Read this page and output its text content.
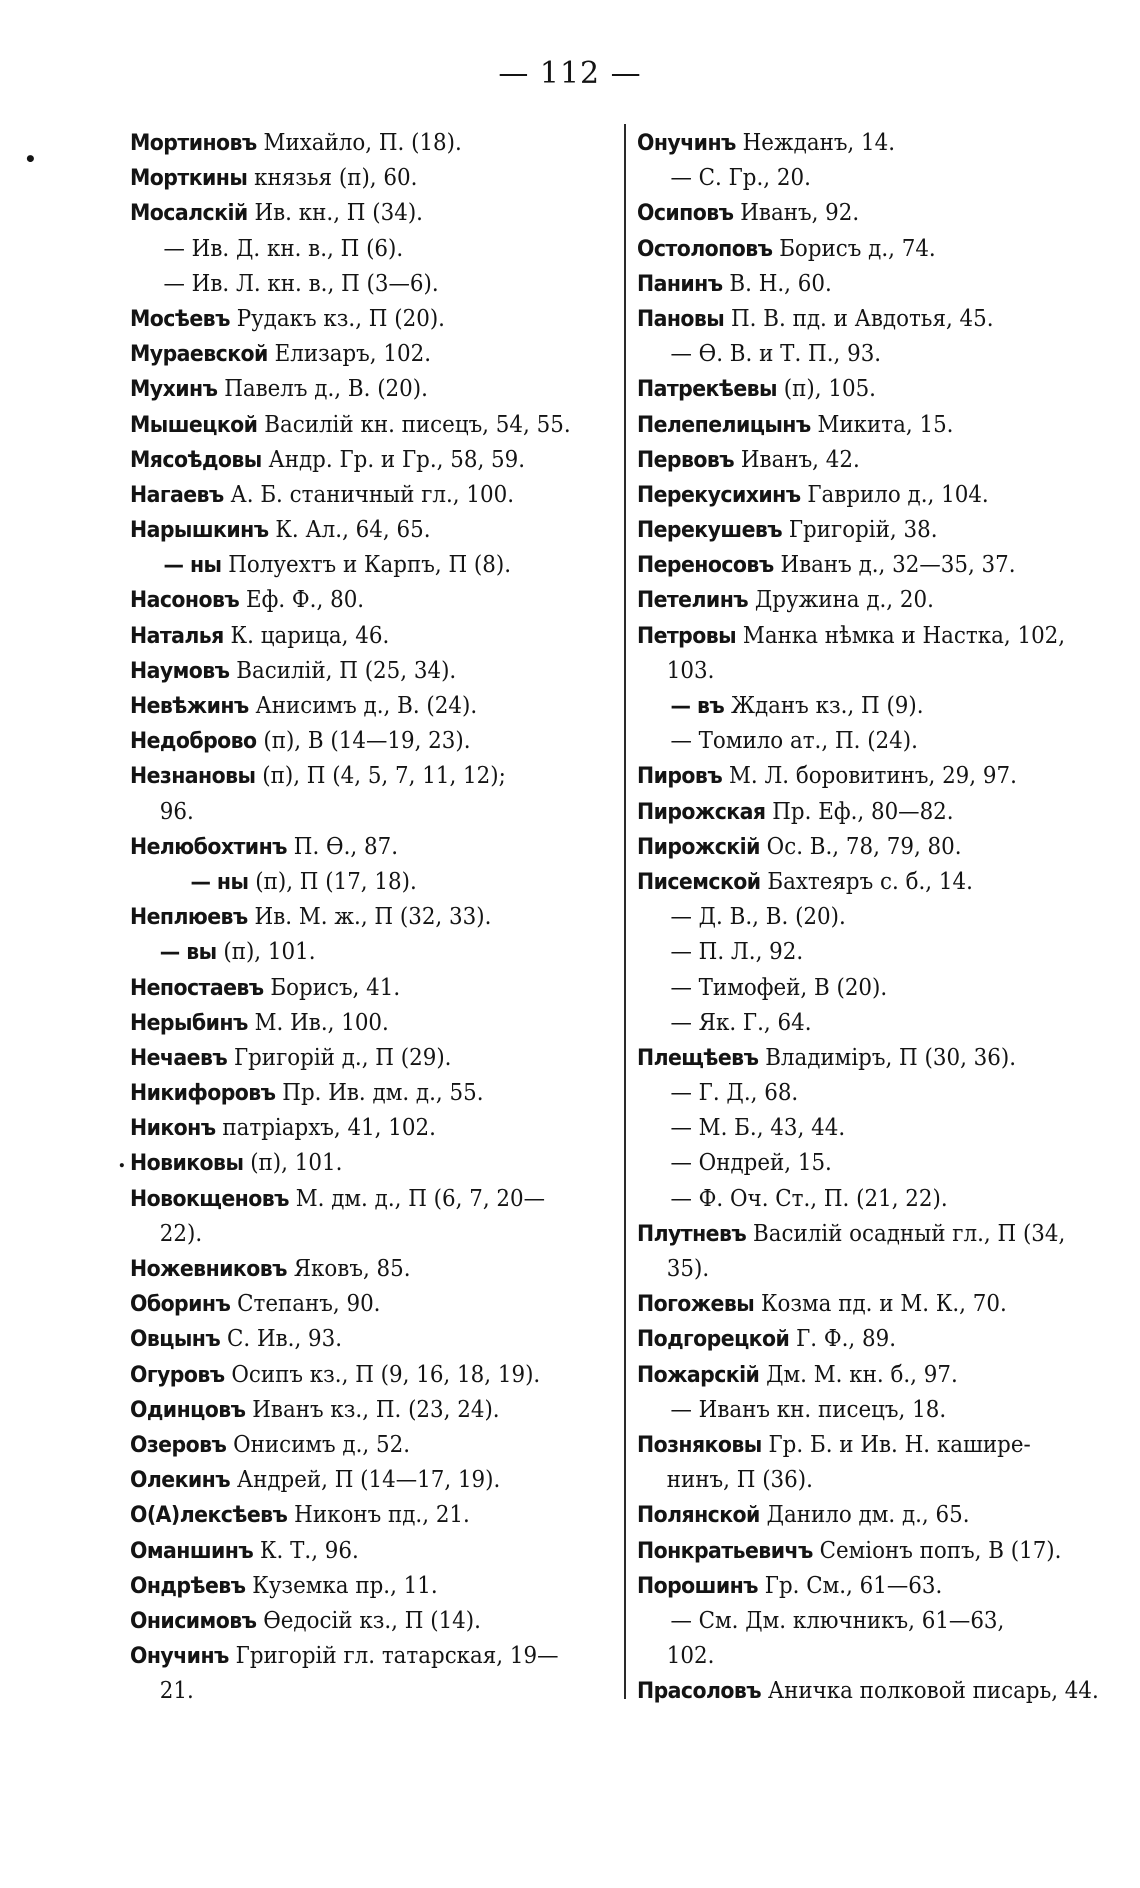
— 112 —
•
.
Мортиновъ Михайло, П. (18).
Морткины князья (п), 60.
Мосалскій Ив. кн., П (34).
— Ив. Д. кн. в., П (6).
— Ив. Л. кн. в., П (3—6).
Мосѣевъ Рудакъ кз., П (20).
Мураевской Елизаръ, 102.
Мухинъ Павелъ д., В. (20).
Мышецкой Василій кн. писецъ, 54, 55.
Мясоѣдовы Андр. Гр. и Гр., 58, 59.
Нагаевъ А. Б. станичный гл., 100.
Нарышкинъ К. Ал., 64, 65.
— ны Полуехтъ и Карпъ, П (8).
Насоновъ Еф. Ф., 80.
Наталья К. царица, 46.
Наумовъ Василій, П (25, 34).
Невѣжинъ Анисимъ д., В. (24).
Недоброво (п), В (14—19, 23).
Незнановы (п), П (4, 5, 7, 11, 12);
96.
Нелюбохтинъ П. Ѳ., 87.
— ны (п), П (17, 18).
Неплюевъ Ив. М. ж., П (32, 33).
— вы (п), 101.
Непостаевъ Борисъ, 41.
Нерыбинъ М. Ив., 100.
Нечаевъ Григорій д., П (29).
Никифоровъ Пр. Ив. дм. д., 55.
Никонъ патріархъ, 41, 102.
Новиковы (п), 101.
Новокщеновъ М. дм. д., П (6, 7, 20—
22).
Ножевниковъ Яковъ, 85.
Оборинъ Степанъ, 90.
Овцынъ С. Ив., 93.
Огуровъ Осипъ кз., П (9, 16, 18, 19).
Одинцовъ Иванъ кз., П. (23, 24).
Озеровъ Онисимъ д., 52.
Олекинъ Андрей, П (14—17, 19).
О(А)лексѣевъ Никонъ пд., 21.
Оманшинъ К. Т., 96.
Ондрѣевъ Куземка пр., 11.
Онисимовъ Ѳедосій кз., П (14).
Онучинъ Григорій гл. татарская, 19—
21.
Онучинъ Нежданъ, 14.
— С. Гр., 20.
Осиповъ Иванъ, 92.
Остолоповъ Борисъ д., 74.
Панинъ В. Н., 60.
Пановы П. В. пд. и Авдотья, 45.
— Ѳ. В. и Т. П., 93.
Патрекѣевы (п), 105.
Пелепелицынъ Микита, 15.
Первовъ Иванъ, 42.
Перекусихинъ Гаврило д., 104.
Перекушевъ Григорій, 38.
Переносовъ Иванъ д., 32—35, 37.
Петелинъ Дружина д., 20.
Петровы Манка нѣмка и Настка, 102,
103.
— въ Жданъ кз., П (9).
— Томило ат., П. (24).
Пировъ М. Л. боровитинъ, 29, 97.
Пирожская Пр. Еф., 80—82.
Пирожскій Ос. В., 78, 79, 80.
Писемской Бахтеяръ с. б., 14.
— Д. В., В. (20).
— П. Л., 92.
— Тимофей, В (20).
— Як. Г., 64.
Плещѣевъ Владиміръ, П (30, 36).
— Г. Д., 68.
— М. Б., 43, 44.
— Ондрей, 15.
— Ф. Оч. Ст., П. (21, 22).
Плутневъ Василій осадный гл., П (34,
35).
Погожевы Козма пд. и М. К., 70.
Подгорецкой Г. Ф., 89.
Пожарскій Дм. М. кн. б., 97.
— Иванъ кн. писецъ, 18.
Позняковы Гр. Б. и Ив. Н. кашире-
нинъ, П (36).
Полянской Данило дм. д., 65.
Понкратьевичъ Семіонъ попъ, В (17).
Порошинъ Гр. См., 61—63.
— См. Дм. ключникъ, 61—63,
102.
Прасоловъ Аничка полковой писарь, 44.
